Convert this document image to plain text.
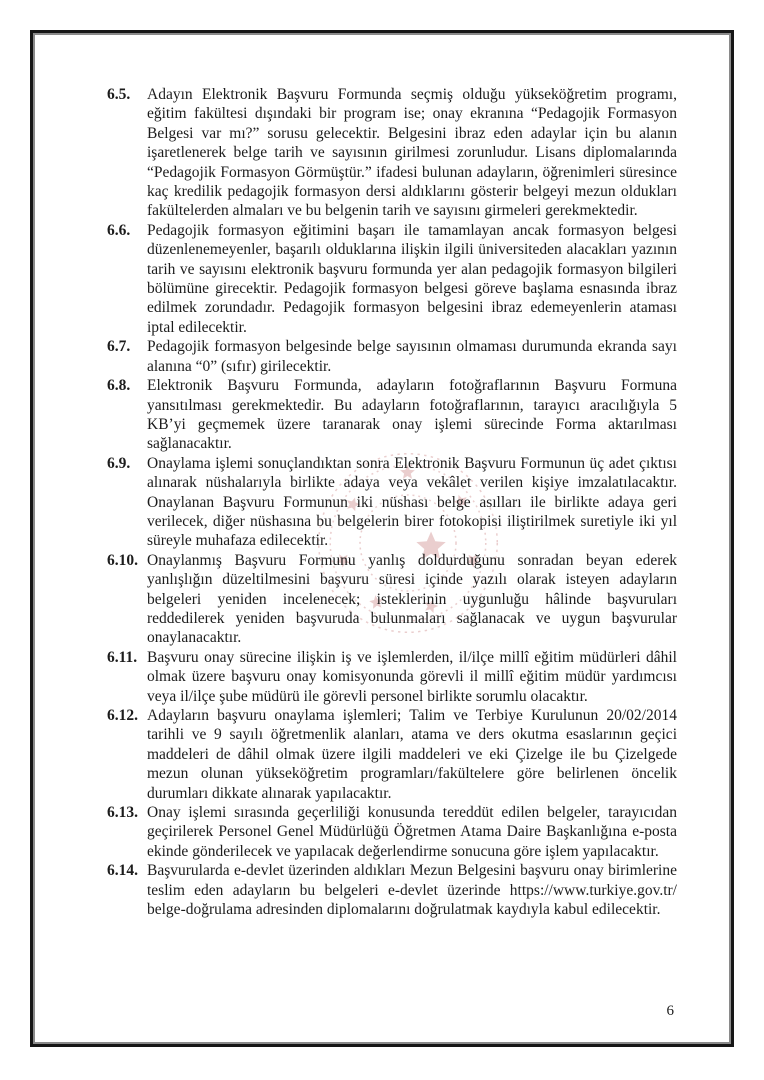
6.5.	Adayın Elektronik Başvuru Formunda seçmiş olduğu yükseköğretim programı, eğitim fakültesi dışındaki bir program ise; onay ekranına “Pedagojik Formasyon Belgesi var mı?” sorusu gelecektir. Belgesini ibraz eden adaylar için bu alanın işaretlenerek belge tarih ve sayısının girilmesi zorunludur. Lisans diplomalarında “Pedagojik Formasyon Görmüştür.” ifadesi bulunan adayların, öğrenimleri süresince kaç kredilik pedagojik formasyon dersi aldıklarını gösterir belgeyi mezun oldukları fakültelerden almaları ve bu belgenin tarih ve sayısını girmeleri gerekmektedir.

6.6.	Pedagojik formasyon eğitimini başarı ile tamamlayan ancak formasyon belgesi düzenlenemeyenler, başarılı olduklarına ilişkin ilgili üniversiteden alacakları yazının tarih ve sayısını elektronik başvuru formunda yer alan pedagojik formasyon bilgileri bölümüne girecektir. Pedagojik formasyon belgesi göreve başlama esnasında ibraz edilmek zorundadır. Pedagojik formasyon belgesini ibraz edemeyenlerin ataması iptal edilecektir.

6.7.	Pedagojik formasyon belgesinde belge sayısının olmaması durumunda ekranda sayı alanına “0” (sıfır) girilecektir.

6.8.	Elektronik Başvuru Formunda, adayların fotoğraflarının Başvuru Formuna yansıtılması gerekmektedir. Bu adayların fotoğraflarının, tarayıcı aracılığıyla 5 KB’yi geçmemek üzere taranarak onay işlemi sürecinde Forma aktarılması sağlanacaktır.

6.9.	Onaylama işlemi sonuçlandıktan sonra Elektronik Başvuru Formunun üç adet çıktısı alınarak nüshalarıyla birlikte adaya veya vekâlet verilen kişiye imzalatılacaktır. Onaylanan Başvuru Formunun iki nüshası belge asılları ile birlikte adaya geri verilecek, diğer nüshasına bu belgelerin birer fotokopisi iliştirilmek suretiyle iki yıl süreyle muhafaza edilecektir.

6.10. Onaylanmış Başvuru Formunu yanlış doldurduğunu sonradan beyan ederek yanlışlığın düzeltilmesini başvuru süresi içinde yazılı olarak isteyen adayların belgeleri yeniden incelenecek; isteklerinin uygunluğu hâlinde başvuruları reddedilerek yeniden başvuruda bulunmaları sağlanacak ve uygun başvurular onaylanacaktır.

6.11. Başvuru onay sürecine ilişkin iş ve işlemlerden, il/ilçe millî eğitim müdürleri dâhil olmak üzere başvuru onay komisyonunda görevli il millî eğitim müdür yardımcısı veya il/ilçe şube müdürü ile görevli personel birlikte sorumlu olacaktır.

6.12. Adayların başvuru onaylama işlemleri; Talim ve Terbiye Kurulunun 20/02/2014 tarihli ve 9 sayılı öğretmenlik alanları, atama ve ders okutma esaslarının geçici maddeleri de dâhil olmak üzere ilgili maddeleri ve eki Çizelge ile bu Çizelgede mezun olunan yükseköğretim programları/fakültelere göre belirlenen öncelik durumları dikkate alınarak yapılacaktır.

6.13. Onay işlemi sırasında geçerliliği konusunda tereddüt edilen belgeler, tarayıcıdan geçirilerek Personel Genel Müdürlüğü Öğretmen Atama Daire Başkanlığına e-posta ekinde gönderilecek ve yapılacak değerlendirme sonucuna göre işlem yapılacaktır.

6.14. Başvurularda e-devlet üzerinden aldıkları Mezun Belgesini başvuru onay birimlerine teslim eden adayların bu belgeleri e-devlet üzerinde https://www.turkiye.gov.tr/ belge-doğrulama adresinden diplomalarını doğrulatmak kaydıyla kabul edilecektir.

6
